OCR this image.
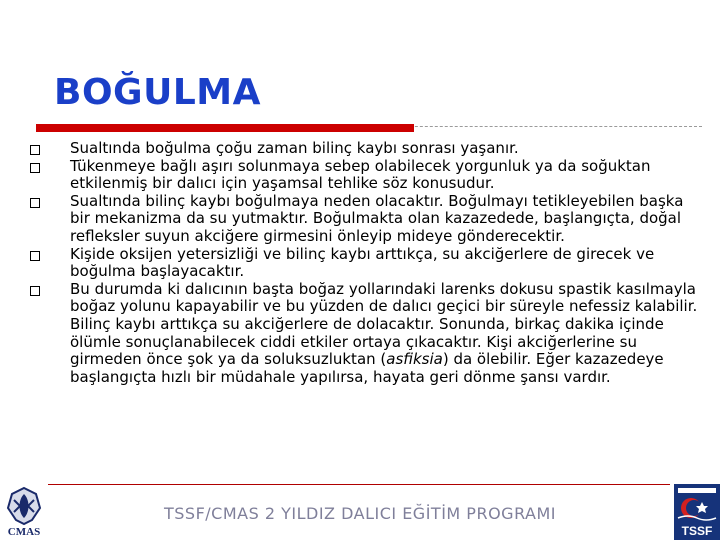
BOĞULMA
Sualtında boğulma çoğu zaman bilinç kaybı sonrası yaşanır.
Tükenmeye bağlı aşırı solunmaya sebep olabilecek yorgunluk ya da soğuktan etkilenmiş bir dalıcı için yaşamsal tehlike söz konusudur.
Sualtında bilinç kaybı boğulmaya neden olacaktır. Boğulmayı tetikleyebilen başka bir mekanizma da su yutmaktır. Boğulmakta olan kazazedede, başlangıçta, doğal refleksler suyun akciğere girmesini önleyip mideye gönderecektir.
Kişide oksijen yetersizliği ve bilinç kaybı arttıkça, su akciğerlere de girecek ve boğulma başlayacaktır.
Bu durumda ki dalıcının başta boğaz yollarındaki larenks dokusu spastik kasılmayla boğaz yolunu kapayabilir ve bu yüzden de dalıcı geçici bir süreyle nefessiz kalabilir. Bilinç kaybı arttıkça su akciğerlere de dolacaktır. Sonunda, birkaç dakika içinde ölümle sonuçlanabilecek ciddi etkiler ortaya çıkacaktır. Kişi akciğerlerine su girmeden önce şok ya da soluksuzluktan (asfiksia) da ölebilir. Eğer kazazedeye başlangıçta hızlı bir müdahale yapılırsa, hayata geri dönme şansı vardır.
TSSF/CMAS 2 YILDIZ DALICI EĞİTİM PROGRAMI
CMAS	TSSF
